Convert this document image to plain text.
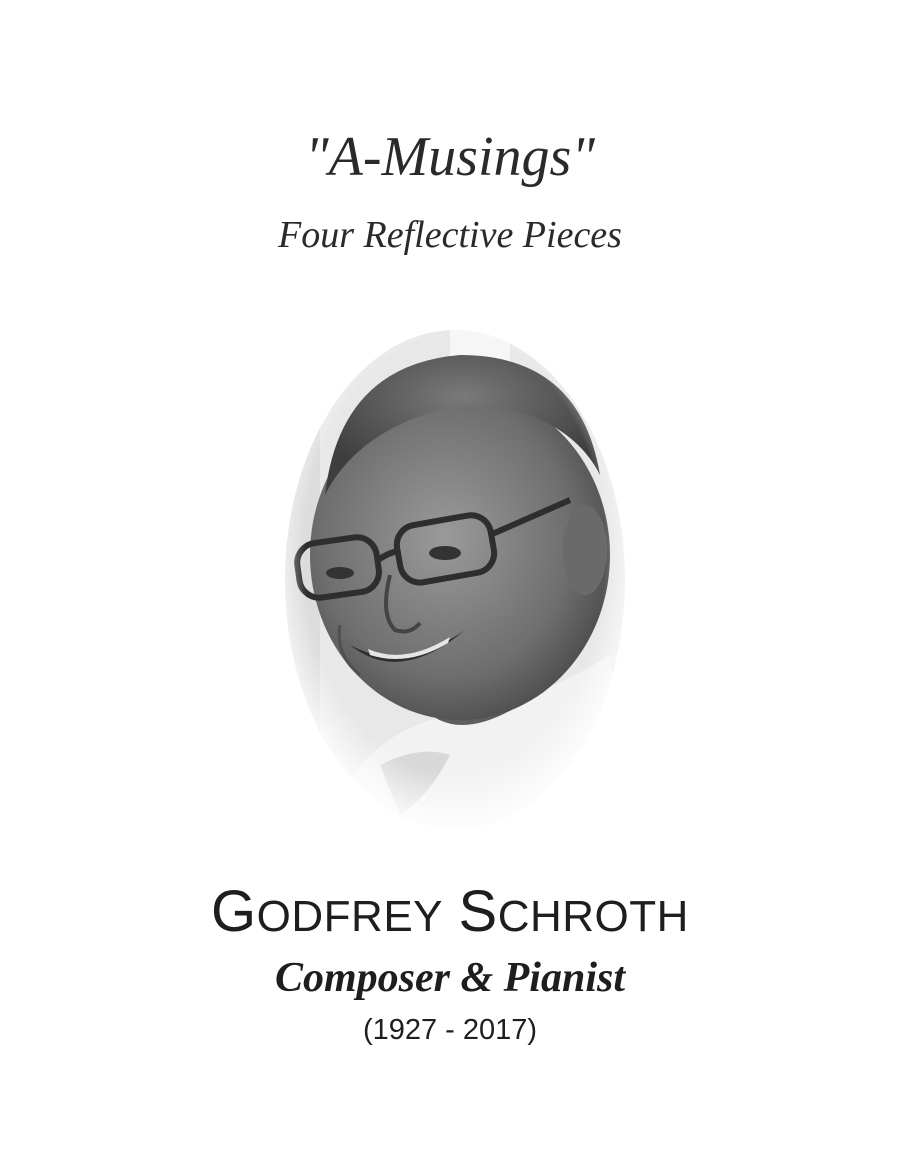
"A-Musings"
Four Reflective Pieces
GODFREY SCHROTH
Composer & Pianist
(1927 - 2017)
